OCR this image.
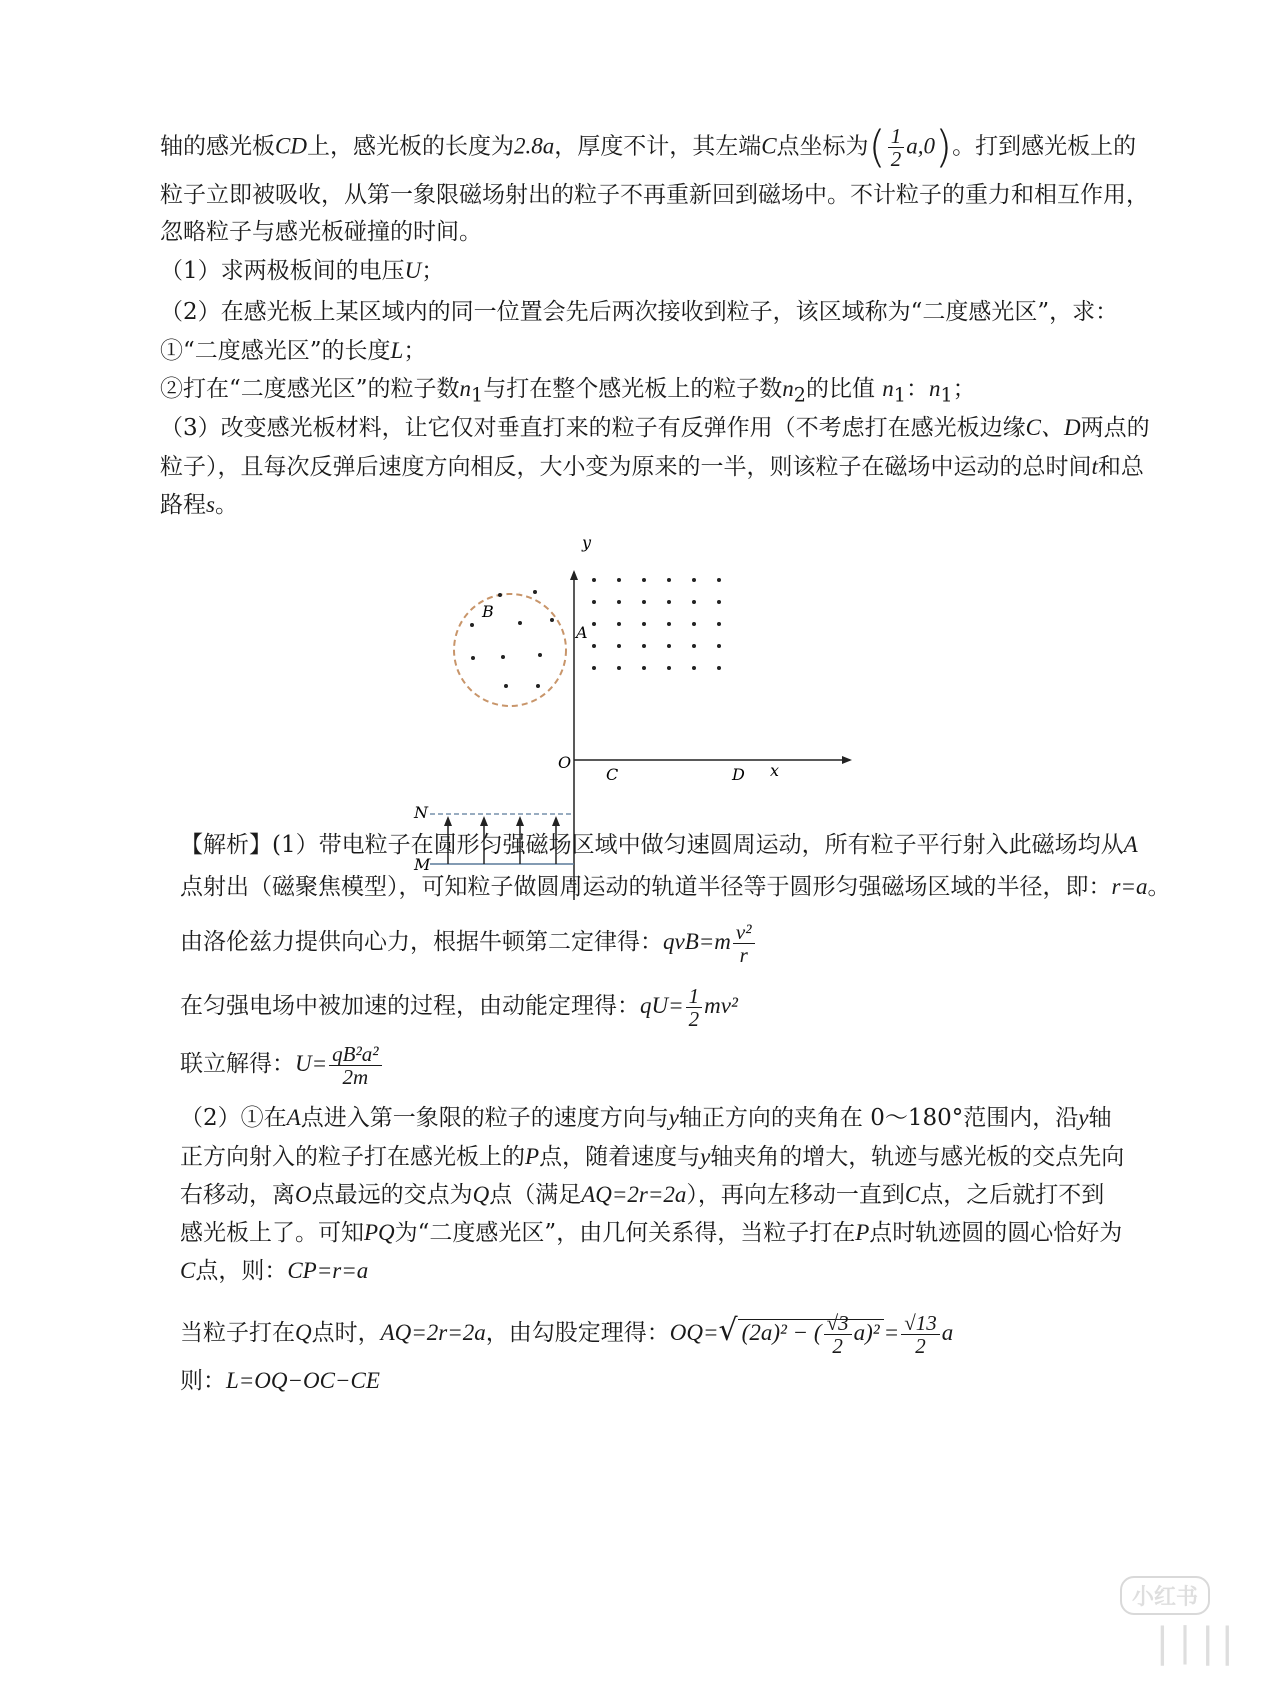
轴的感光板CD上，感光板的长度为2.8a，厚度不计，其左端C点坐标为( $\frac{1}{2} a,0$)。打到感光板上的
粒子立即被吸收，从第一象限磁场射出的粒子不再重新回到磁场中。不计粒子的重力和相互作用，
忽略粒子与感光板碰撞的时间。
（1）求两极板间的电压U；
（2）在感光板上某区域内的同一位置会先后两次接收到粒子，该区域称为“二度感光区”，求：
①“二度感光区”的长度L；
②打在“二度感光区”的粒子数$n_1$与打在整个感光板上的粒子数$n_2$的比值 $n_1$：$n_1$；
（3）改变感光板材料，让它仅对垂直打来的粒子有反弹作用（不考虑打在感光板边缘C、D两点的
粒子），且每次反弹后速度方向相反，大小变为原来的一半，则该粒子在磁场中运动的总时间t和总
路程s。
y
x
O
B
A
C	D
N
M
【解析】(1）带电粒子在圆形匀强磁场区域中做匀速圆周运动，所有粒子平行射入此磁场均从A
点射出（磁聚焦模型），可知粒子做圆周运动的轨道半径等于圆形匀强磁场区域的半径，即：r=a。
由洛伦兹力提供向心力，根据牛顿第二定律得：$qvB=m \frac{\text{v²}}{r}$
在匀强电场中被加速的过程，由动能定理得：$qU= \frac{1}{2} mv^2$
联立解得：$U= \frac{\text{qB²a²}}{2m}$
（2）①在A点进入第一象限的粒子的速度方向与y轴正方向的夹角在 0～180°范围内，沿y轴
正方向射入的粒子打在感光板上的P点，随着速度与y轴夹角的增大，轨迹与感光板的交点先向
右移动，离O点最远的交点为Q点（满足AQ=2r=2a），再向左移动一直到C点，之后就打不到
感光板上了。可知PQ为“二度感光区”，由几何关系得，当粒子打在P点时轨迹圆的圆心恰好为
C点，则：CP=r=a
当粒子打在Q点时，AQ=2r=2a，由勾股定理得：OQ=√ (2a)² − ( $\frac{√3}{2} a)^2 = \frac{√13}{2}$ a
则：L=OQ−OC−CE
小红书
|∣||
